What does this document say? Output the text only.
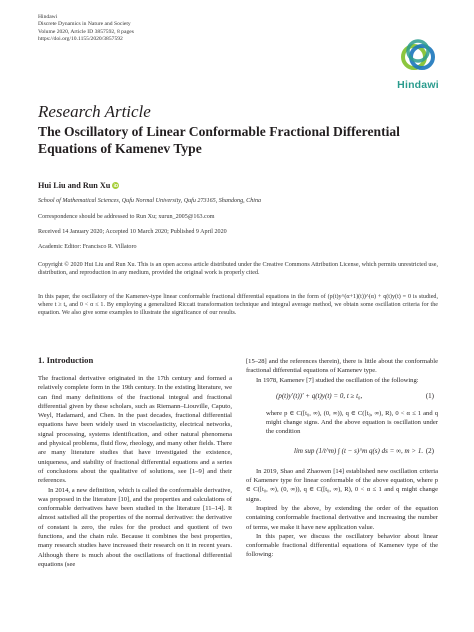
Hindawi
Discrete Dynamics in Nature and Society
Volume 2020, Article ID 3857592, 8 pages
https://doi.org/10.1155/2020/3857592
Hindawi
Research Article
The Oscillatory of Linear Conformable Fractional Differential Equations of Kamenev Type
Hui Liu and Run Xu iD
School of Mathematical Sciences, Qufu Normal University, Qufu 273165, Shandong, China
Correspondence should be addressed to Run Xu; xurun_2005@163.com
Received 14 January 2020; Accepted 10 March 2020; Published 9 April 2020
Academic Editor: Francisco R. Villatoro
Copyright © 2020 Hui Liu and Run Xu. This is an open access article distributed under the Creative Commons Attribution License, which permits unrestricted use, distribution, and reproduction in any medium, provided the original work is properly cited.
In this paper, the oscillatory of the Kamenev-type linear conformable fractional differential equations in the form of (p(t)y^(α+1)(t))^(α) + q(t)y(t) = 0 is studied, where t ≥ t₀ and 0 < α ≤ 1. By employing a generalized Riccati transformation technique and integral average method, we obtain some oscillation criteria for the equation. We also give some examples to illustrate the significance of our results.
1. Introduction

The fractional derivative originated in the 17th century and formed a relatively complete form in the 19th century. In the existing literature, we can find many definitions of the fractional integral and fractional differential given by these scholars, such as Riemann–Liouville, Caputo, Weyl, Hadamard, and Chen. In the past decades, fractional differential equations have been widely used in viscoelasticity, electrical networks, signal processing, systems identification, and other natural phenomena and physical problems, fluid flow, rheology, and many other fields. There are many literature studies that have investigated the existence, uniqueness, and stability of fractional differential equations and a series of conclusions about the qualitative of solutions, see [1–9] and their references.

In 2014, a new definition, which is called the conformable derivative, was proposed in the literature [10], and the properties and calculations of conformable derivatives have been studied in the literature [11–14]. It almost satisfied all the properties of the normal derivative: the derivative of constant is zero, the rules for the product and quotient of two functions, and the chain rule. Because it combines the best properties, many research studies have increased their research on it in recent years. Although there is much about the oscillations of fractional differential equations (see

[15–28] and the references therein), there is little about the conformable fractional differential equations of Kamenev type.

In 1978, Kamenev [7] studied the oscillation of the following:

(p(t)y′(t))′ + q(t)y(t) = 0, t ≥ t₀,	(1)

where p ∈ C([t₀, ∞), (0, ∞)), q ∈ C([t₀, ∞), R), 0 < α ≤ 1 and q might change signs. And the above equation is oscillation under the condition

lim sup (1/t^m) ∫ (t − s)^m q(s) ds = ∞, m > 1. (2)

In 2019, Shao and Zhaowen [14] established new oscillation criteria of Kamenev type for linear conformable of the above equation, where p ∈ C([t₀, ∞), (0, ∞)), q ∈ C([t₀, ∞), R), 0 < α ≤ 1 and q might change signs.

Inspired by the above, by extending the order of the equation containing conformable fractional derivative and increasing the number of terms, we make it have new application value.

In this paper, we discuss the oscillatory behavior about linear conformable fractional differential equations of Kamenev type of the following:
